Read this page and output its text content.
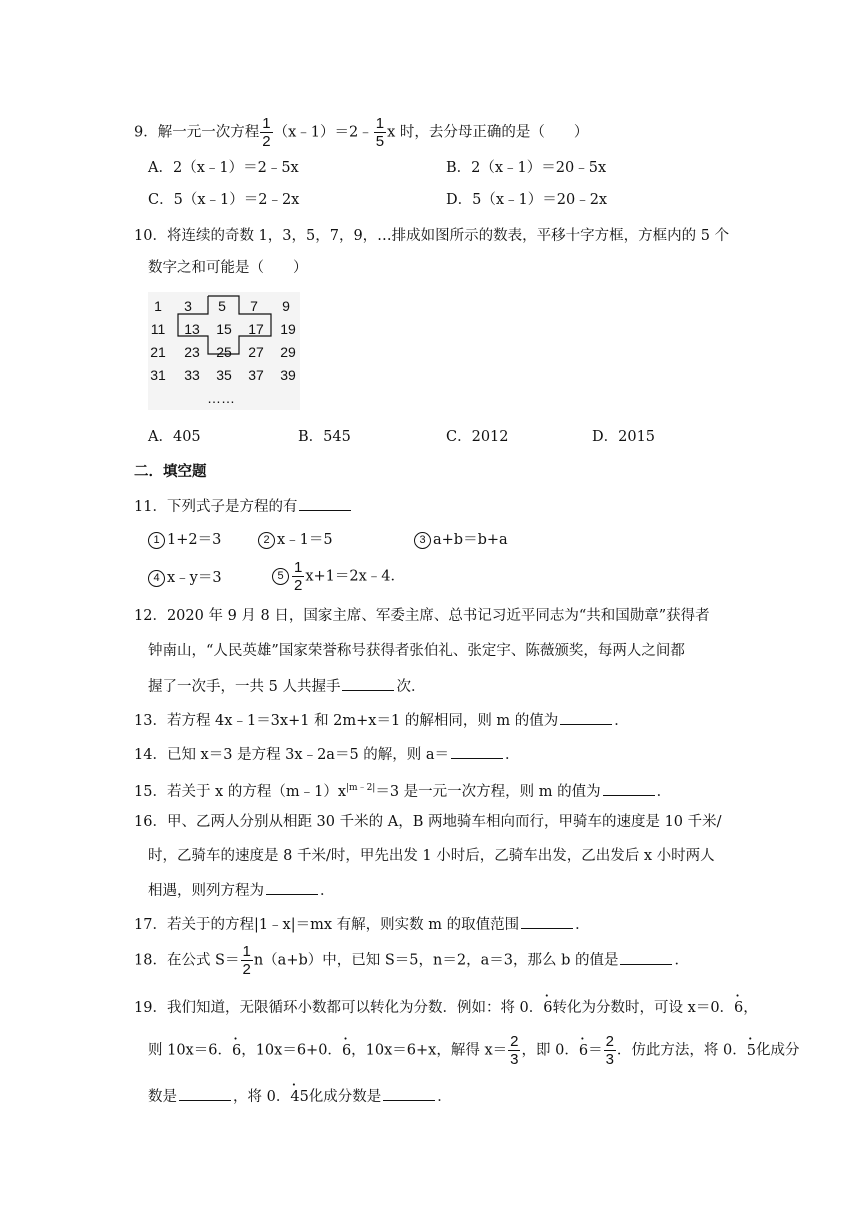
9．解一元一次方程 $\frac{1}{2}$ （x﹣1）＝2﹣ $\frac{1}{5}$ x 时，去分母正确的是（　　）
A．2（x﹣1）＝2﹣5x	B．2（x﹣1）＝20﹣5x
C．5（x﹣1）＝2﹣2x	D．5（x﹣1）＝20﹣2x
10．将连续的奇数 1，3，5，7，9，…排成如图所示的数表，平移十字方框，方框内的 5 个
数字之和可能是（　　）
1	3	5	7	9
11	13	15	17	19
21	23	25	27	29
31	33	35	37	39
……
A．405	B．545	C．2012	D．2015
二．填空题
11．下列式子是方程的有
1 1+2＝3	2 x﹣1＝5	3 a+b＝b+a
4 x﹣y＝3	$5 \frac{1}{2}$ x+1＝2x﹣4．
12．2020 年 9 月 8 日，国家主席、军委主席、总书记习近平同志为“共和国勋章”获得者
钟南山，“人民英雄”国家荣誉称号获得者张伯礼、张定宇、陈薇颁奖，每两人之间都
握了一次手，一共 5 人共握手	次．
13．若方程 4x﹣1＝3x+1 和 2m+x＝1 的解相同，则 m 的值为	．
14．已知 x＝3 是方程 3x﹣2a＝5 的解，则 a＝	．
15．若关于 x 的方程$(m﹣1)x^{|m﹣2|}=3$ 是一元一次方程，则 m 的值为	．
16．甲、乙两人分别从相距 30 千米的 A，B 两地骑车相向而行，甲骑车的速度是 10 千米/
时，乙骑车的速度是 8 千米/时，甲先出发 1 小时后，乙骑车出发，乙出发后 x 小时两人
相遇，则列方程为	．
17．若关于的方程|1﹣x|＝mx 有解，则实数 m 的取值范围	．
18．在公式 $S= \frac{1}{2} n(a+b)$中，已知 S＝5，n＝2，a＝3，那么 b 的值是	．
19．我们知道，无限循环小数都可以转化为分数．例如：将 0．· 6转化为分数时，可设 x＝0．· 6，
则 10x＝6．· 6，10x＝6+0．· 6，10x＝6+x，解得 $x= \frac{2}{3}$ ，即 0．· $6= \frac{2}{3}$ ．仿此方法，将 0．· 5化成分
数是	，将 0．· 45化成分数是	．
